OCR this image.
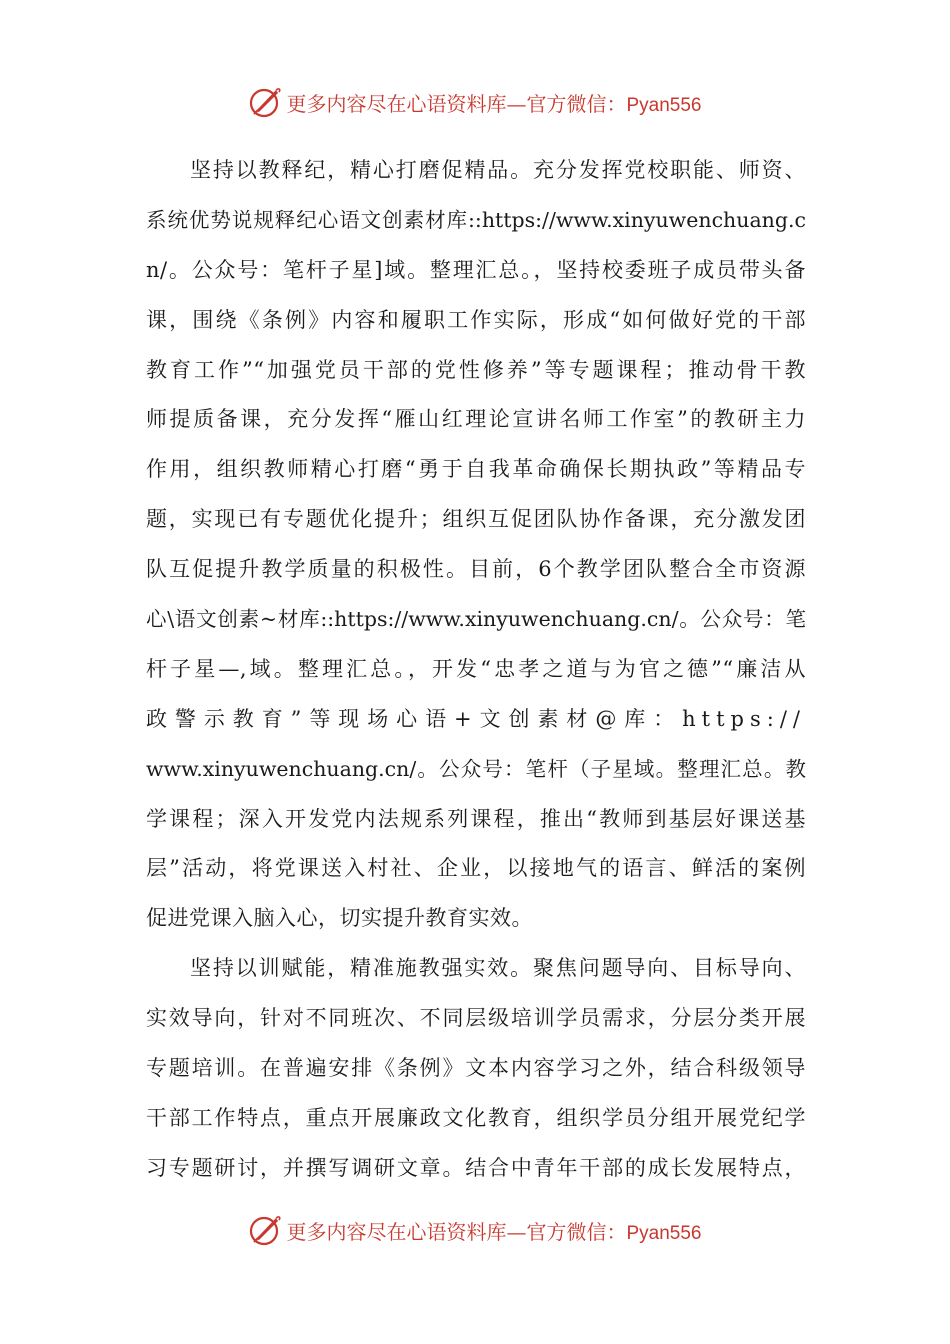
更多内容尽在心语资料库—官方微信：Pyan556
坚持以教释纪，精心打磨促精品。充分发挥党校职能、师资、
系统优势说规释纪心语文创素材库::https://www.xinyuwenchuang.c
n/。公众号：笔杆子星]域。整理汇总。，坚持校委班子成员带头备
课，围绕《条例》内容和履职工作实际，形成“如何做好党的干部
教育工作”“加强党员干部的党性修养”等专题课程；推动骨干教
师提质备课，充分发挥“雁山红理论宣讲名师工作室”的教研主力
作用，组织教师精心打磨“勇于自我革命确保长期执政”等精品专
题，实现已有专题优化提升；组织互促团队协作备课，充分激发团
队互促提升教学质量的积极性。目前，6个教学团队整合全市资源
心\语文创素~材库::https://www.xinyuwenchuang.cn/。公众号：笔
杆子星—,域。整理汇总。，开发“忠孝之道与为官之德”“廉洁从
政警示教育”等现场心语+文创素材@库：https://
www.xinyuwenchuang.cn/。公众号：笔杆（子星域。整理汇总。教
学课程；深入开发党内法规系列课程，推出“教师到基层好课送基
层”活动，将党课送入村社、企业，以接地气的语言、鲜活的案例
促进党课入脑入心，切实提升教育实效。
坚持以训赋能，精准施教强实效。聚焦问题导向、目标导向、
实效导向，针对不同班次、不同层级培训学员需求，分层分类开展
专题培训。在普遍安排《条例》文本内容学习之外，结合科级领导
干部工作特点，重点开展廉政文化教育，组织学员分组开展党纪学
习专题研讨，并撰写调研文章。结合中青年干部的成长发展特点，
更多内容尽在心语资料库—官方微信：Pyan556
